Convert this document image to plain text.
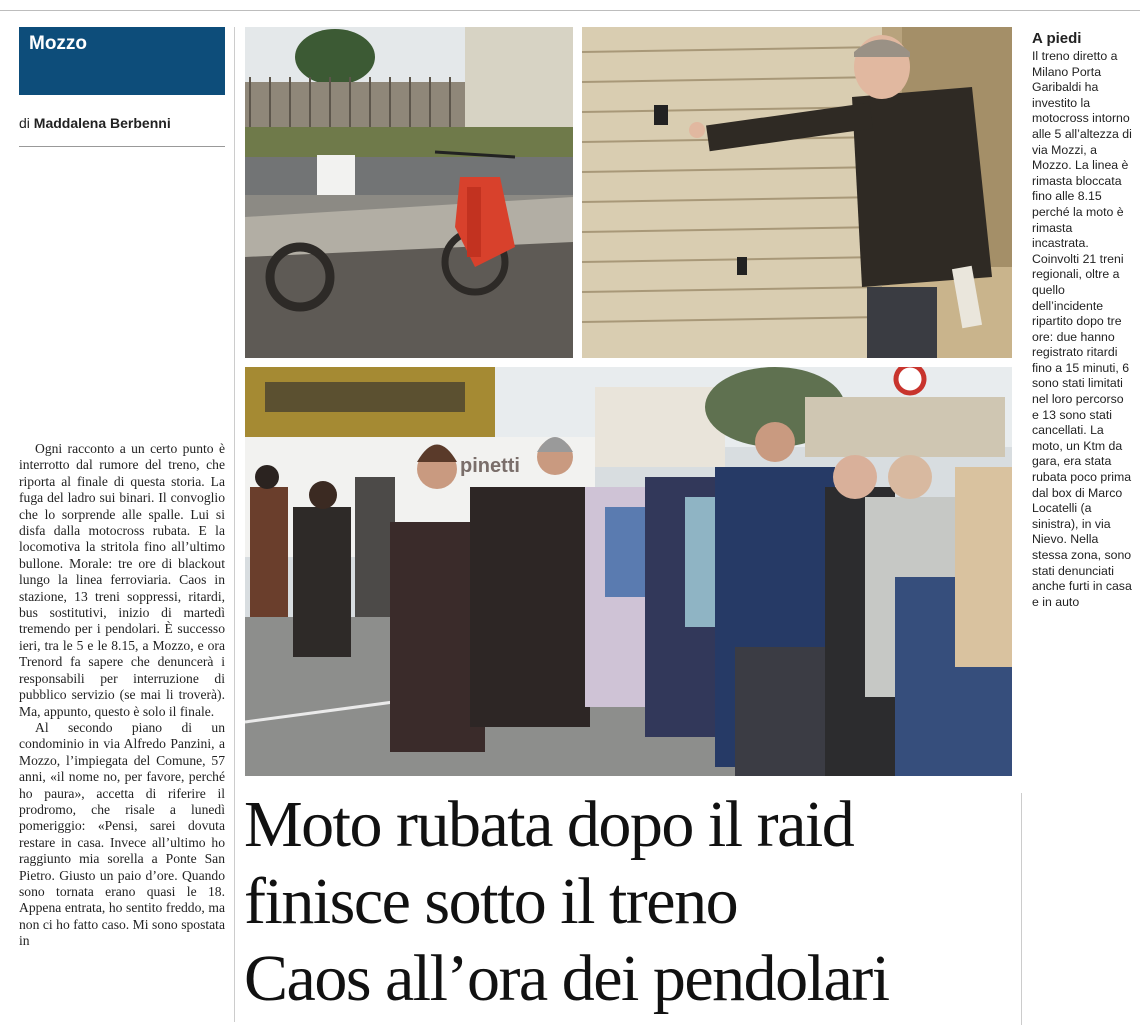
Mozzo
di Maddalena Berbenni

Ogni racconto a un certo punto è interrotto dal rumore del treno, che riporta al finale di questa storia. La fuga del ladro sui binari. Il convoglio che lo sorprende alle spalle. Lui si disfa dalla motocross rubata. E la locomotiva la stritola fino all’ultimo bullone. Morale: tre ore di blackout lungo la linea ferroviaria. Caos in stazione, 13 treni soppressi, ritardi, bus sostitutivi, inizio di martedì tremendo per i pendolari. È successo ieri, tra le 5 e le 8.15, a Mozzo, e ora Trenord fa sapere che denuncerà i responsabili per interruzione di pubblico servizio (se mai li troverà). Ma, appunto, questo è solo il finale.

Al secondo piano di un condominio in via Alfredo Panzini, a Mozzo, l’impiegata del Comune, 57 anni, «il nome no, per favore, perché ho paura», accetta di riferire il prodromo, che risale a lunedì pomeriggio: «Pensi, sarei dovuta restare in casa. Invece all’ultimo ho raggiunto mia sorella a Ponte San Pietro. Giusto un paio d’ore. Quando sono tornata erano quasi le 18. Appena entrata, ho sentito freddo, ma non ci ho fatto caso. Mi sono spostata in

pinetti
A piedi
Il treno diretto a Milano Porta Garibaldi ha investito la motocross intorno alle 5 all’altezza di via Mozzi, a Mozzo. La linea è rimasta bloccata fino alle 8.15 perché la moto è rimasta incastrata. Coinvolti 21 treni regionali, oltre a quello dell’incidente ripartito dopo tre ore: due hanno registrato ritardi fino a 15 minuti, 6 sono stati limitati nel loro percorso e 13 sono stati cancellati. La moto, un Ktm da gara, era stata rubata poco prima dal box di Marco Locatelli (a sinistra), in via Nievo. Nella stessa zona, sono stati denunciati anche furti in casa e in auto
Moto rubata dopo il raid
finisce sotto il treno
Caos all’ora dei pendolari
